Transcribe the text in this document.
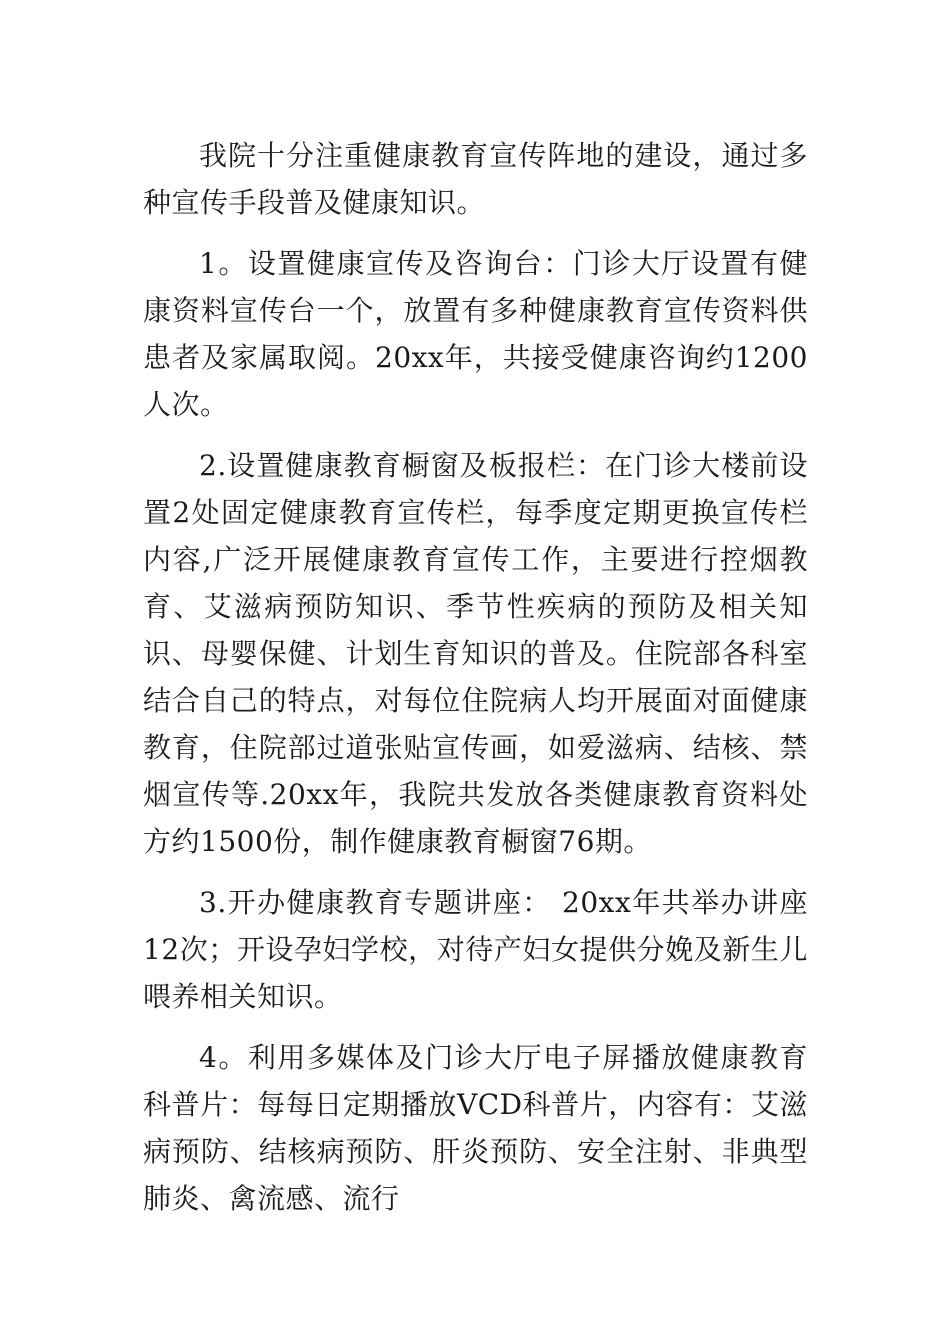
我院十分注重健康教育宣传阵地的建设，通过多种宣传手段普及健康知识。

1。设置健康宣传及咨询台：门诊大厅设置有健康资料宣传台一个，放置有多种健康教育宣传资料供患者及家属取阅。20xx年，共接受健康咨询约1200人次。

2.设置健康教育橱窗及板报栏：在门诊大楼前设置2处固定健康教育宣传栏，每季度定期更换宣传栏内容,广泛开展健康教育宣传工作，主要进行控烟教育、艾滋病预防知识、季节性疾病的预防及相关知识、母婴保健、计划生育知识的普及。住院部各科室结合自己的特点，对每位住院病人均开展面对面健康教育，住院部过道张贴宣传画，如爱滋病、结核、禁烟宣传等.20xx年，我院共发放各类健康教育资料处方约1500份，制作健康教育橱窗76期。

3.开办健康教育专题讲座： 20xx年共举办讲座12次；开设孕妇学校，对待产妇女提供分娩及新生儿喂养相关知识。

4。利用多媒体及门诊大厅电子屏播放健康教育科普片：每每日定期播放VCD科普片，内容有：艾滋病预防、结核病预防、肝炎预防、安全注射、非典型肺炎、禽流感、流行
